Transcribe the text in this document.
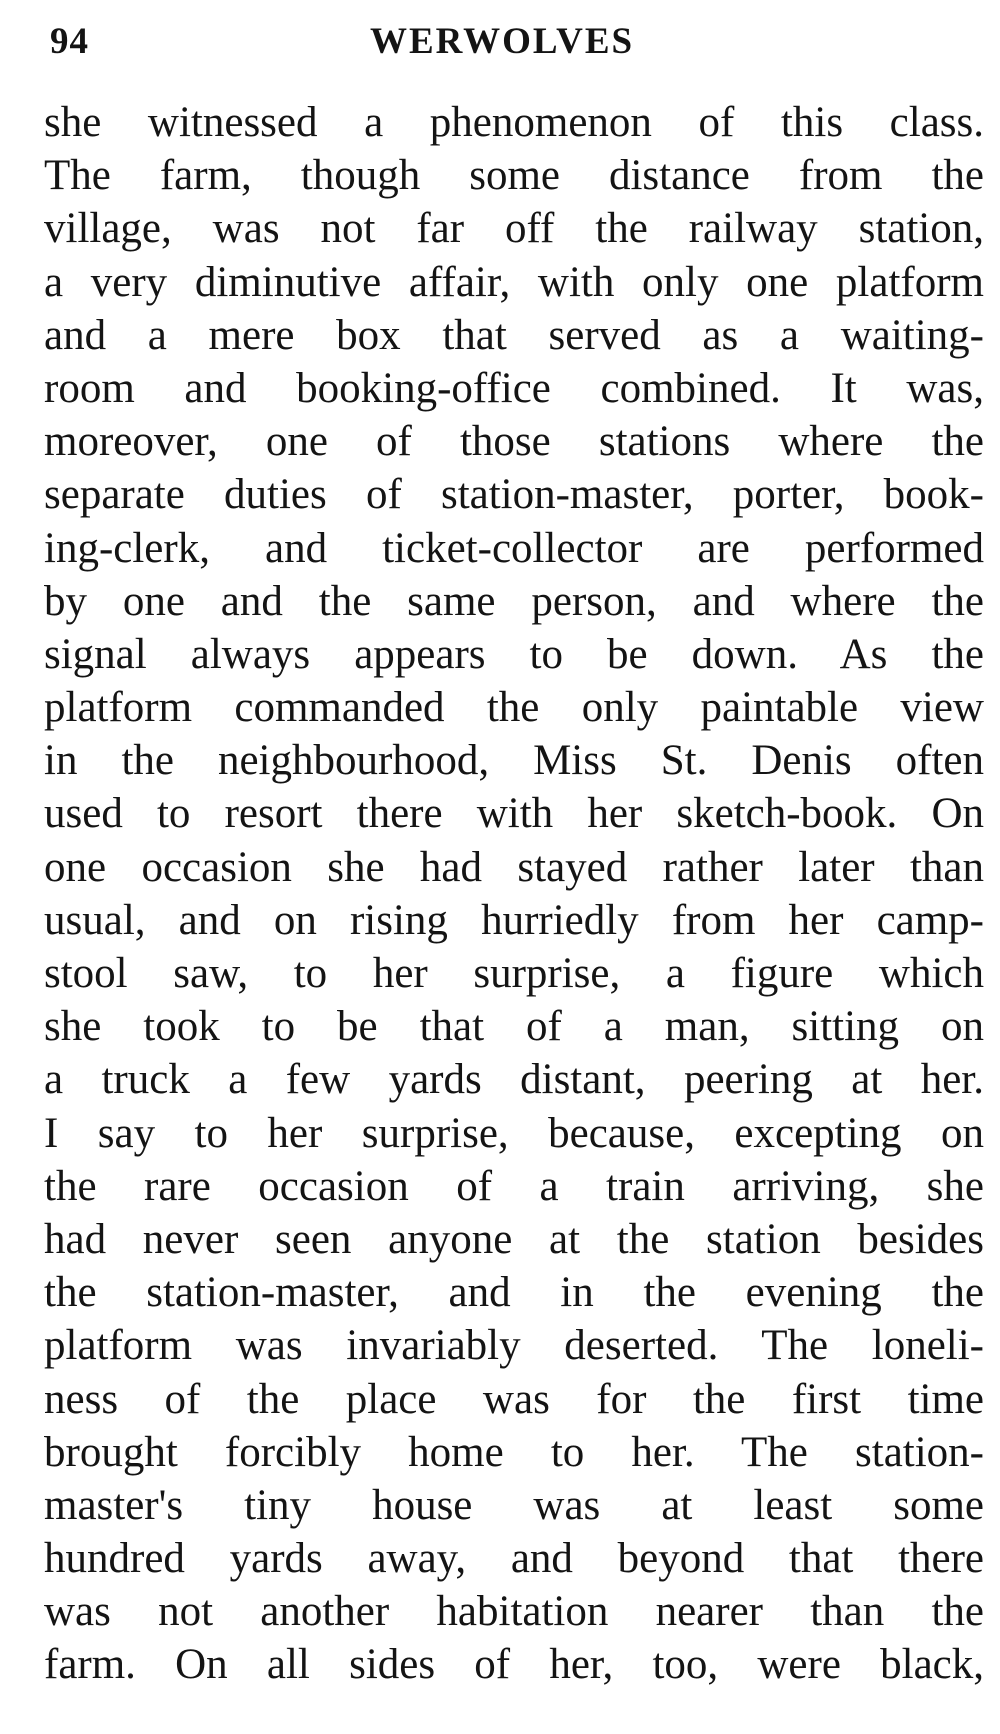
94	WERWOLVES
she witnessed a phenomenon of this class.
The farm, though some distance from the
village, was not far off the railway station,
a very diminutive affair, with only one platform
and a mere box that served as a waiting-
room and booking-office combined. It was,
moreover, one of those stations where the
separate duties of station-master, porter, book-
ing-clerk, and ticket-collector are performed
by one and the same person, and where the
signal always appears to be down. As the
platform commanded the only paintable view
in the neighbourhood, Miss St. Denis often
used to resort there with her sketch-book. On
one occasion she had stayed rather later than
usual, and on rising hurriedly from her camp-
stool saw, to her surprise, a figure which
she took to be that of a man, sitting on
a truck a few yards distant, peering at her.
I say to her surprise, because, excepting on
the rare occasion of a train arriving, she
had never seen anyone at the station besides
the station-master, and in the evening the
platform was invariably deserted. The loneli-
ness of the place was for the first time
brought forcibly home to her. The station-
master's tiny house was at least some
hundred yards away, and beyond that there
was not another habitation nearer than the
farm. On all sides of her, too, were black,
